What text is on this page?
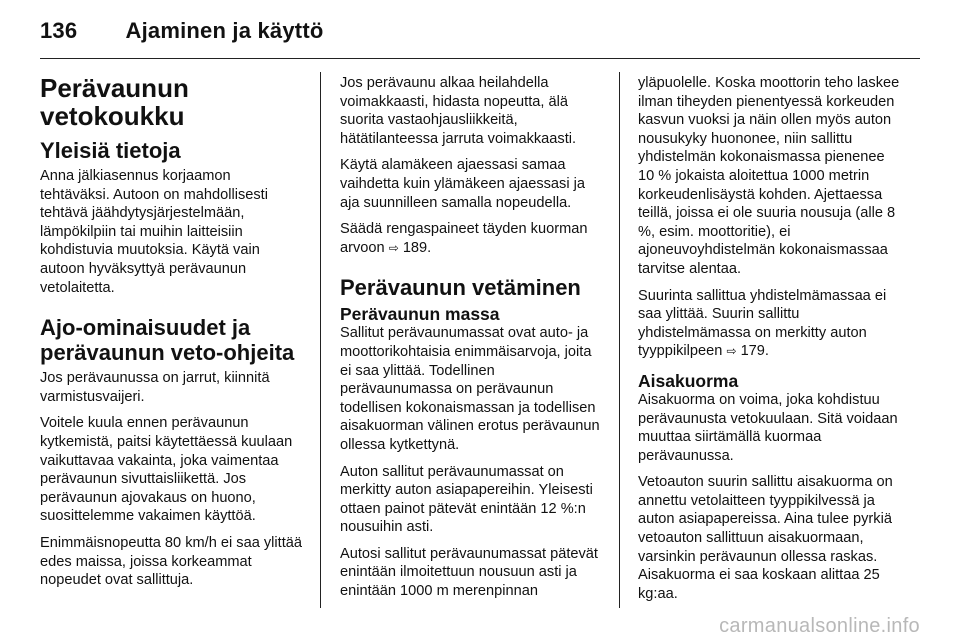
136 Ajaminen ja käyttö
Perävaunun vetokoukku
Yleisiä tietoja

Anna jälkiasennus korjaamon tehtäväksi. Autoon on mahdollisesti tehtävä jäähdytysjärjestelmään, lämpökilpiin tai muihin laitteisiin kohdistuvia muutoksia. Käytä vain autoon hyväksyttyä perävaunun vetolaitetta.

Ajo-ominaisuudet ja perävaunun veto-ohjeita

Jos perävaunussa on jarrut, kiinnitä varmistusvaijeri.

Voitele kuula ennen perävaunun kytkemistä, paitsi käytettäessä kuulaan vaikuttavaa vakainta, joka vaimentaa perävaunun sivuttaisliikettä. Jos perävaunun ajovakaus on huono, suosittelemme vakaimen käyttöä.

Enimmäisnopeutta 80 km/h ei saa ylittää edes maissa, joissa korkeammat nopeudet ovat sallittuja.

Jos perävaunu alkaa heilahdella voimakkaasti, hidasta nopeutta, älä suorita vastaohjausliikkeitä, hätätilanteessa jarruta voimakkaasti.

Käytä alamäkeen ajaessasi samaa vaihdetta kuin ylämäkeen ajaessasi ja aja suunnilleen samalla nopeudella.

Säädä rengaspaineet täyden kuorman arvoon ⇨ 189.

Perävaunun vetäminen
Perävaunun massa

Sallitut perävaunumassat ovat auto- ja moottorikohtaisia enimmäisarvoja, joita ei saa ylittää. Todellinen perävaunumassa on perävaunun todellisen kokonaismassan ja todellisen aisakuorman välinen erotus perävaunun ollessa kytkettynä.

Auton sallitut perävaunumassat on merkitty auton asiapapereihin. Yleisesti ottaen painot pätevät enintään 12 %:n nousuihin asti.

Autosi sallitut perävaunumassat pätevät enintään ilmoitettuun nousuun asti ja enintään 1000 m merenpinnan

yläpuolelle. Koska moottorin teho laskee ilman tiheyden pienentyessä korkeuden kasvun vuoksi ja näin ollen myös auton nousukyky huononee, niin sallittu yhdistelmän kokonaismassa pienenee 10 % jokaista aloitettua 1000 metrin korkeudenlisäystä kohden. Ajettaessa teillä, joissa ei ole suuria nousuja (alle 8 %, esim. moottoritie), ei ajoneuvoyhdistelmän kokonaismassaa tarvitse alentaa.

Suurinta sallittua yhdistelmämassaa ei saa ylittää. Suurin sallittu yhdistelmämassa on merkitty auton tyyppikilpeen ⇨ 179.

Aisakuorma

Aisakuorma on voima, joka kohdistuu perävaunusta vetokuulaan. Sitä voidaan muuttaa siirtämällä kuormaa perävaunussa.

Vetoauton suurin sallittu aisakuorma on annettu vetolaitteen tyyppikilvessä ja auton asiapapereissa. Aina tulee pyrkiä vetoauton sallittuun aisakuormaan, varsinkin perävaunun ollessa raskas. Aisakuorma ei saa koskaan alittaa 25 kg:aa.

carmanualsonline.info
